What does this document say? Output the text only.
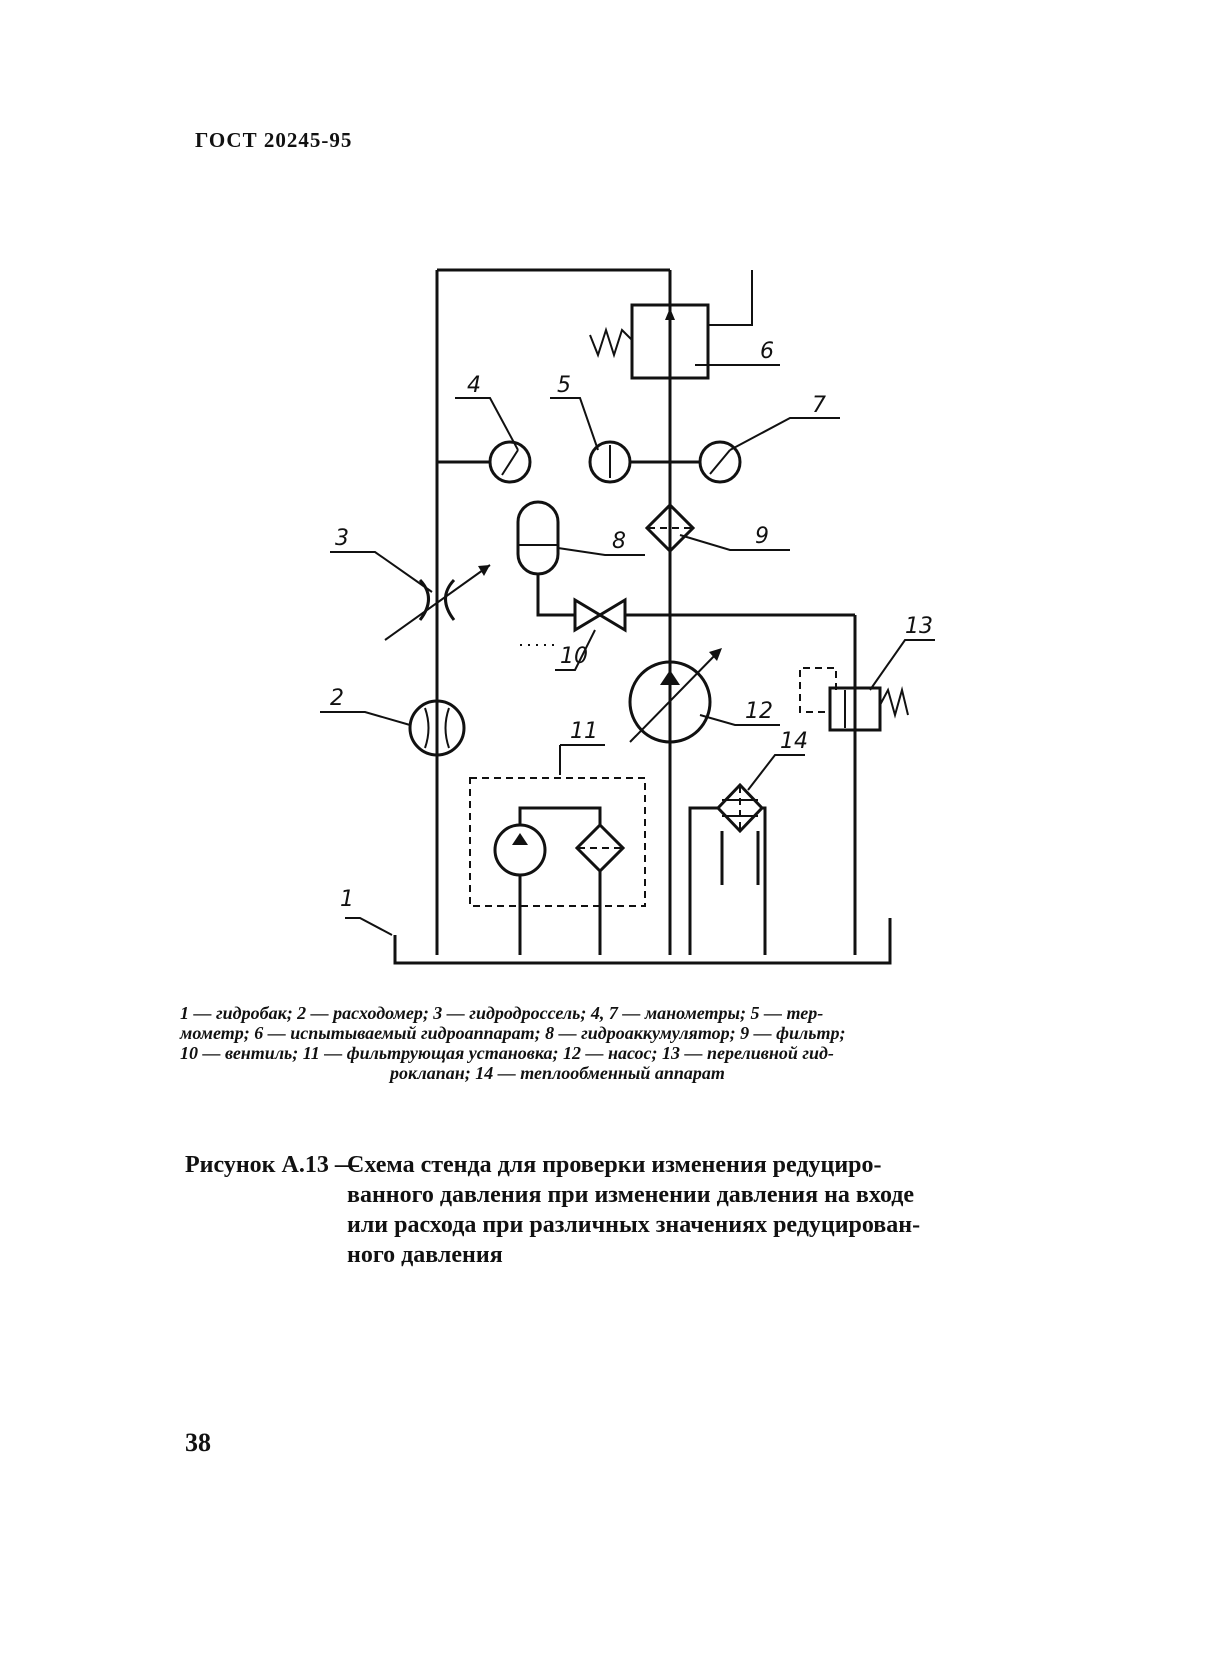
ГОСТ 20245-95
1
2
3
4	5
6
7
8	9
10
11
12
13
14

1 — гидробак; 2 — расходомер; 3 — гидродроссель; 4, 7 — манометры; 5 — тер-

мометр; 6 — испытываемый гидроаппарат; 8 — гидроаккумулятор; 9 — фильтр;

10 — вентиль; 11 — фильтрующая установка; 12 — насос; 13 — переливной гид-

роклапан; 14 — теплообменный аппарат

Рисунок А.13 —
Схема стенда для проверки изменения редуциро-
ванного давления при изменении давления на входе
или расхода при различных значениях редуцирован-
ного давления
38
